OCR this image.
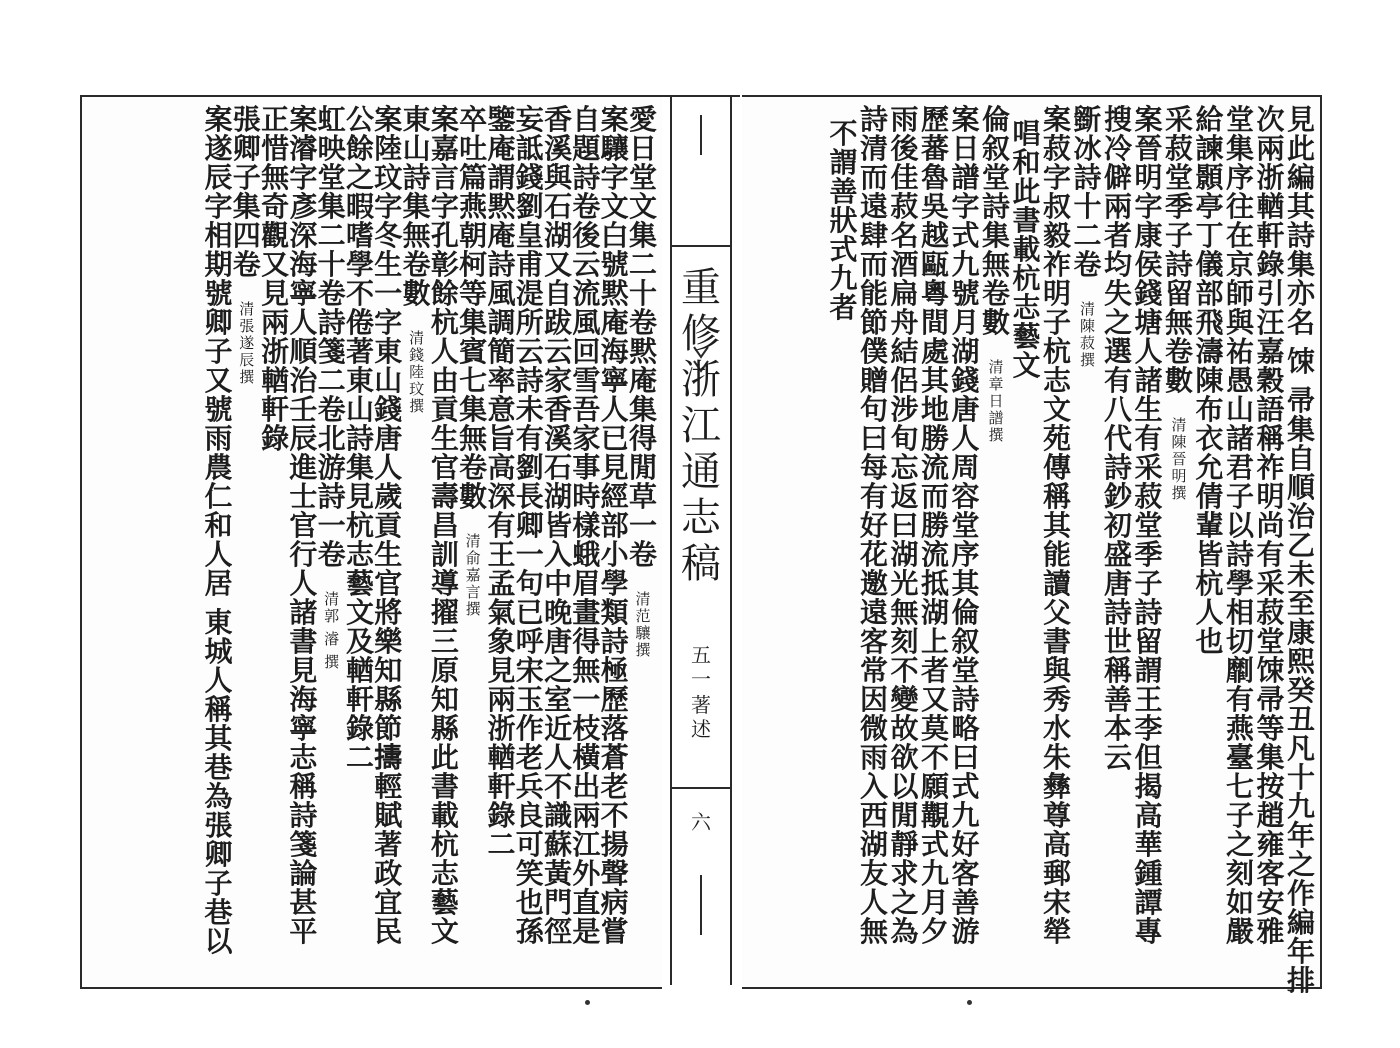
見
此
編
其
詩
集
亦
名
𫗧
帚
集
自
順
治
乙
未
至
康
熙
癸
丑
凡
十
九
年
之
作
編
年
排
次
兩
浙
輶
軒
錄
引
汪
嘉
穀
語
稱
祚
明
尚
有
采
菽
堂
𫗧
帚
等
集
按
趙
雍
客
安
雅
堂
集
序
往
在
京
師
與
祐
愚
山
諸
君
子
以
詩
學
相
切
劘
有
燕
臺
七
子
之
刻
如
嚴
給
諫
顥
亭
丁
儀
部
飛
濤
陳
布
衣
允
倩
輩
皆
杭
人
也
采
菽
堂
季
子
詩
留
無
卷
數
清
陳
晉
明
撰
案
晉
明
字
康
侯
錢
塘
人
諸
生
有
采
菽
堂
季
子
詩
留
謂
王
李
但
揭
高
華
鍾
譚
專
搜
冷
僻
兩
者
均
失
之
選
有
八
代
詩
鈔
初
盛
唐
詩
世
稱
善
本
云
斵
冰
詩
十
二
卷
清
陳
菽
撰
案
菽
字
叔
毅
祚
明
子
杭
志
文
苑
傳
稱
其
能
讀
父
書
與
秀
水
朱
彝
尊
高
郵
宋
犖
唱
和
此
書
載
杭
志
藝
文
倫
叙
堂
詩
集
無
卷
數
清
章
日
譜
撰
案
日
譜
字
式
九
號
月
湖
錢
唐
人
周
容
堂
序
其
倫
叙
堂
詩
略
曰
式
九
好
客
善
游
歷
蕃
魯
吳
越
甌
粵
間
處
其
地
勝
流
而
勝
流
抵
湖
上
者
又
莫
不
願
覯
式
九
月
夕
雨
後
佳
菽
名
酒
扁
舟
結
侶
涉
旬
忘
返
曰
湖
光
無
刻
不
變
故
欲
以
閒
靜
求
之
為
詩
清
而
遠
肆
而
能
節
僕
贈
句
曰
每
有
好
花
邀
遠
客
常
因
微
雨
入
西
湖
友
人
無
不
謂
善
狀
式
九
者
重
修
浙
江
通
志
稿
五
一
著
述
六
愛
日
堂
文
集
二
十
卷
黙
庵
集
得
閒
草
一
卷
清
范
驤
撰
案
驤
字
文
白
號
黙
庵
海
寧
人
已
見
經
部
小
學
類
詩
極
歷
落
蒼
老
不
揚
聲
病
嘗
自
題
詩
卷
後
云
流
風
回
雪
吾
家
事
時
樣
蛾
眉
畫
得
無
一
枝
橫
出
兩
江
外
直
是
香
溪
與
石
湖
又
自
跋
云
家
香
溪
石
湖
皆
入
中
晚
唐
之
室
近
人
不
識
蘇
黃
門
徑
妄
詆
錢
劉
皇
甫
湜
所
云
詩
未
有
劉
長
卿
一
句
已
呼
宋
玉
作
老
兵
良
可
笑
也
孫
鑒
庵
謂
黙
庵
詩
風
調
簡
率
意
旨
高
深
有
王
孟
氣
象
見
兩
浙
輶
軒
錄
二
卒
吐
篇
燕
朝
柯
等
集
賓
七
集
無
卷
數
清
俞
嘉
言
撰
案
嘉
言
字
孔
彰
餘
杭
人
由
貢
生
官
壽
昌
訓
導
擢
三
原
知
縣
此
書
載
杭
志
藝
文
東
山
詩
集
無
卷
數
清
錢
陸
玟
撰
案
陸
玟
字
冬
生
一
字
東
山
錢
唐
人
歲
貢
生
官
將
樂
知
縣
節
𢷬
輕
賦
著
政
宜
民
公
餘
之
暇
嗜
學
不
倦
著
東
山
詩
集
見
杭
志
藝
文
及
輶
軒
錄
二
虹
映
堂
集
二
十
卷
詩
箋
二
卷
北
游
詩
一
卷
清
郭
濬
撰
案
濬
字
彥
深
海
寧
人
順
治
壬
辰
進
士
官
行
人
諸
書
見
海
寧
志
稱
詩
箋
論
甚
平
正
惜
無
奇
觀
又
見
兩
浙
輶
軒
錄
張
卿
子
集
四
卷
清
張
遂
辰
撰
案
遂
辰
字
相
期
號
卿
子
又
號
雨
農
仁
和
人
居
東
城
人
稱
其
巷
為
張
卿
子
巷
以
